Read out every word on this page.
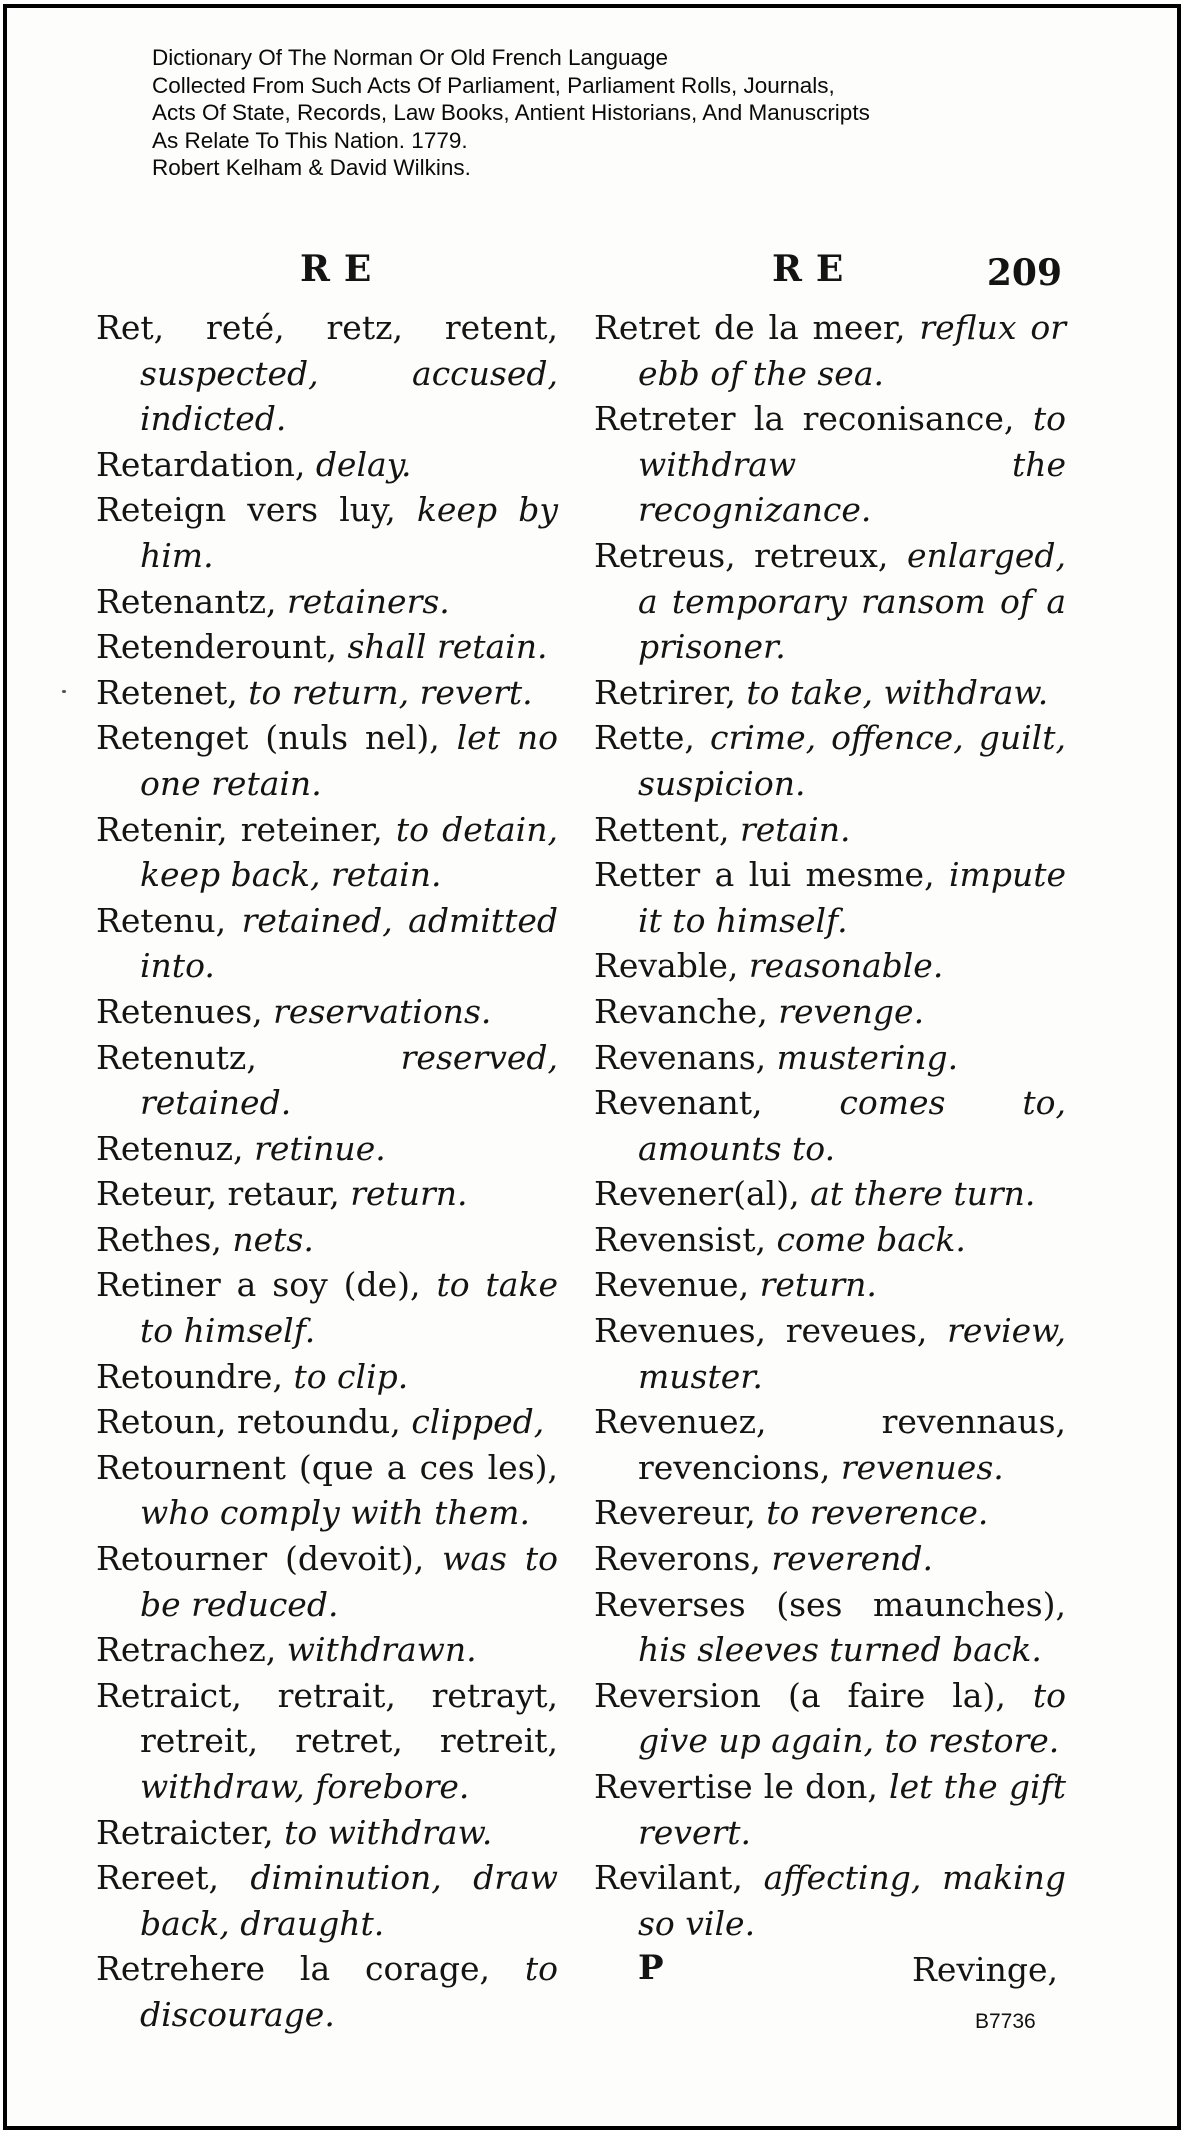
Dictionary Of The Norman Or Old French Language
Collected From Such Acts Of Parliament, Parliament Rolls, Journals,
Acts Of State, Records, Law Books, Antient Historians, And Manuscripts
As Relate To This Nation. 1779.
Robert Kelham & David Wilkins.
RE	RE	209
Ret, reté, retz, retent, suspected, accused, indicted.
Retardation, delay.
Reteign vers luy, keep by him.
Retenantz, retainers.
Retenderount, shall retain.
Retenet, to return, revert.
Retenget (nuls nel), let no one retain.
Retenir, reteiner, to detain, keep back, retain.
Retenu, retained, admitted into.
Retenues, reservations.
Retenutz,	reserved, retained.
Retenuz, retinue.
Reteur, retaur, return.
Rethes, nets.
Retiner a soy (de), to take to himself.
Retoundre, to clip.
Retoun, retoundu, clipped,
Retournent (que a ces les), who comply with them.
Retourner (devoit), was to be reduced.
Retrachez, withdrawn.
Retraict, retrait, retrayt, retreit, retret, retreit, withdraw, forebore.
Retraicter, to withdraw.
Rereet, diminution, draw back, draught.
Retrehere la corage, to discourage.
Retret de la meer, reflux or ebb of the sea.
Retreter la reconisance, to withdraw the recognizance.
Retreus, retreux, enlarged, a temporary ransom of a prisoner.
Retrirer, to take, withdraw.
Rette, crime, offence, guilt, suspicion.
Rettent, retain.
Retter a lui mesme, impute it to himself.
Revable, reasonable.
Revanche, revenge.
Revenans, mustering.
Revenant, comes to, amounts to.
Revener(al), at there turn.
Revensist, come back.
Revenue, return.
Revenues, reveues, review, muster.
Revenuez, revennaus, revencions, revenues.
Revereur, to reverence.
Reverons, reverend.
Reverses (ses maunches), his sleeves turned back.
Reversion (a faire la), to give up again, to restore.
Revertise le don, let the gift revert.
Revilant, affecting, making so vile.
P	Revinge,
B7736
